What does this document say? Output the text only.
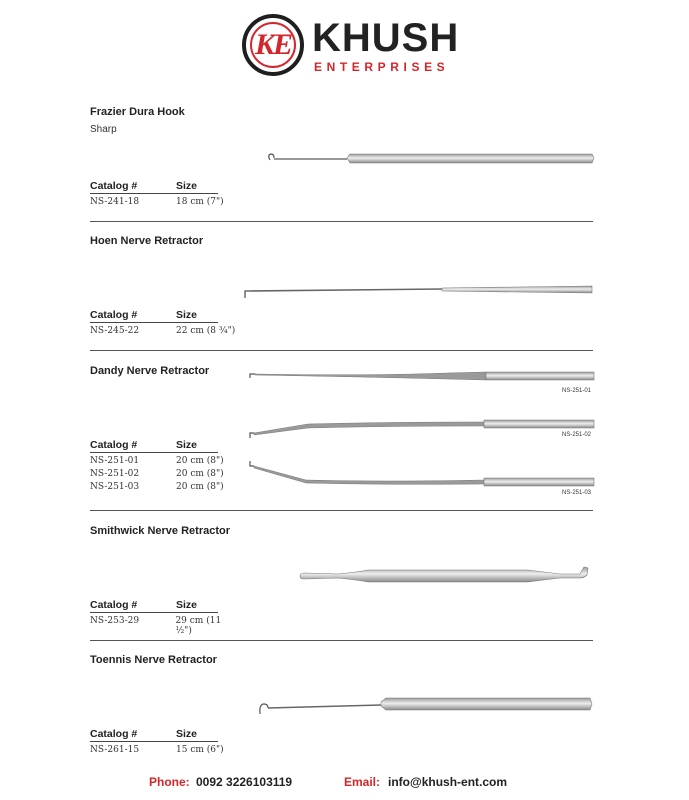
KE KHUSH
ENTERPRISES
Frazier Dura Hook
Sharp
Catalog #	Size
NS-241-18	18 cm (7")
Hoen Nerve Retractor
Catalog #	Size
NS-245-22	22 cm (8 ¾")
Dandy Nerve Retractor
Catalog #	Size
NS-251-01	20 cm (8")
NS-251-02	20 cm (8")
NS-251-03	20 cm (8")
NS-251-01
NS-251-02
NS-251-03
Smithwick Nerve Retractor
Catalog #	Size
NS-253-29	29 cm (11 ½")
Toennis Nerve Retractor
Catalog #	Size
NS-261-15	15 cm (6")
Phone: 0092 3226103119	Email: info@khush-ent.com
